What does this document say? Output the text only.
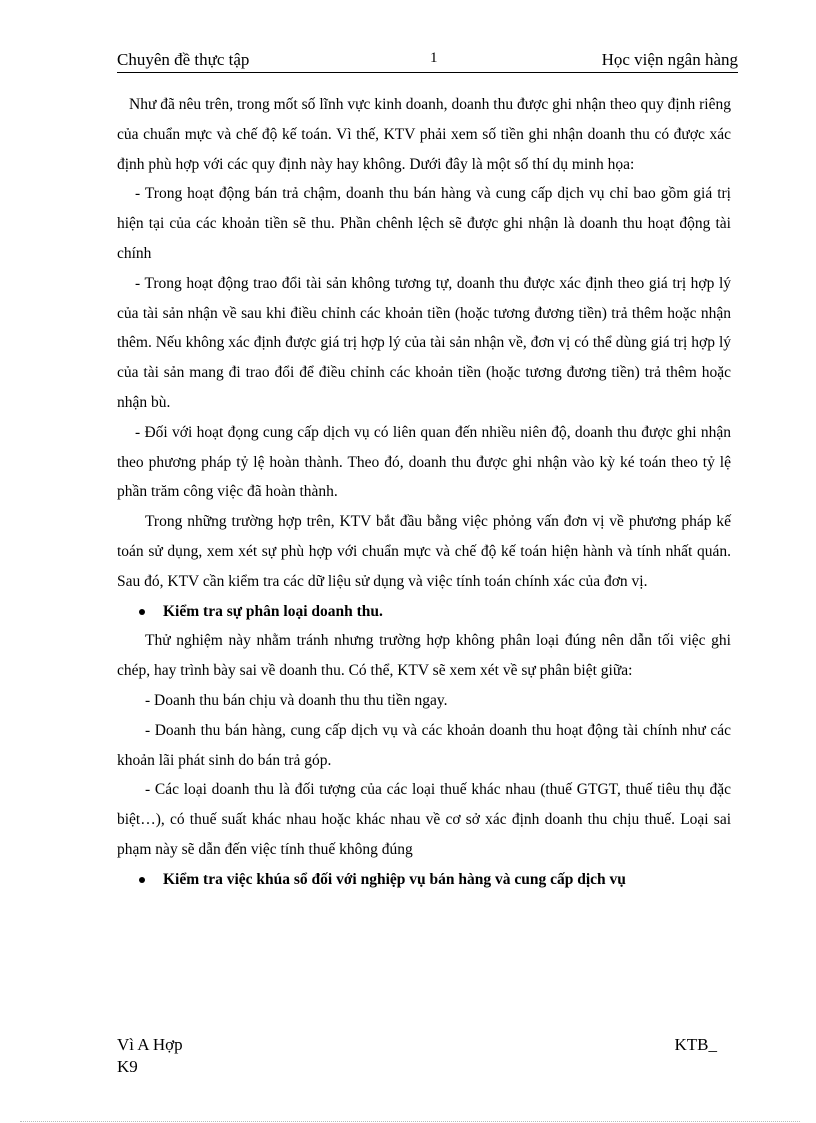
Chuyên đề thực tập	1	Học viện ngân hàng

Như đã nêu trên, trong mốt số lĩnh vực kinh doanh, doanh thu được ghi nhận theo quy định riêng của chuẩn mực và chế độ kế toán. Vì thế, KTV phải xem số tiền ghi nhận doanh thu có được xác định phù hợp với các quy định này hay không. Dưới đây là một số thí dụ minh họa:

- Trong hoạt động bán trả chậm, doanh thu bán hàng và cung cấp dịch vụ chỉ bao gồm giá trị hiện tại của các khoản tiền sẽ thu. Phần chênh lệch sẽ được ghi nhận là doanh thu hoạt động tài chính

- Trong hoạt động trao đổi tài sản không tương tự, doanh thu được xác định theo giá trị hợp lý của tài sản nhận về sau khi điều chỉnh các khoản tiền (hoặc tương đương tiền) trả thêm hoặc nhận thêm. Nếu không xác định được giá trị hợp lý của tài sản nhận về, đơn vị có thể dùng giá trị hợp lý của tài sản mang đi trao đổi để điều chỉnh các khoản tiền (hoặc tương đương tiền) trả thêm hoặc nhận bù.

- Đối với hoạt đọng cung cấp dịch vụ có liên quan đến nhiều niên độ, doanh thu được ghi nhận theo phương pháp tỷ lệ hoàn thành. Theo đó, doanh thu được ghi nhận vào kỳ ké toán theo tỷ lệ phần trăm công việc đã hoàn thành.

Trong những trường hợp trên, KTV bắt đầu bằng việc phỏng vấn đơn vị về phương pháp kế toán sử dụng, xem xét sự phù hợp với chuẩn mực và chế độ kế toán hiện hành và tính nhất quán. Sau đó, KTV cần kiểm tra các dữ liệu sử dụng và việc tính toán chính xác của đơn vị.

Kiểm tra sự phân loại doanh thu.

Thử nghiệm này nhằm tránh nhưng trường hợp không phân loại đúng nên dẫn tối việc ghi chép, hay trình bày sai về doanh thu. Có thể, KTV sẽ xem xét về sự phân biệt giữa:

- Doanh thu bán chịu và doanh thu thu tiền ngay.

- Doanh thu bán hàng, cung cấp dịch vụ và các khoản doanh thu hoạt động tài chính như các khoản lãi phát sinh do bán trả góp.

- Các loại doanh thu là đối tượng của các loại thuế khác nhau (thuế GTGT, thuế tiêu thụ đặc biệt…), có thuế suất khác nhau hoặc khác nhau về cơ sở xác định doanh thu chịu thuế. Loại sai phạm này sẽ dẫn đến việc tính thuế không đúng

Kiểm tra việc khúa sổ đối với nghiệp vụ bán hàng và cung cấp dịch vụ

Vì A Hợp	KTB_
K9
